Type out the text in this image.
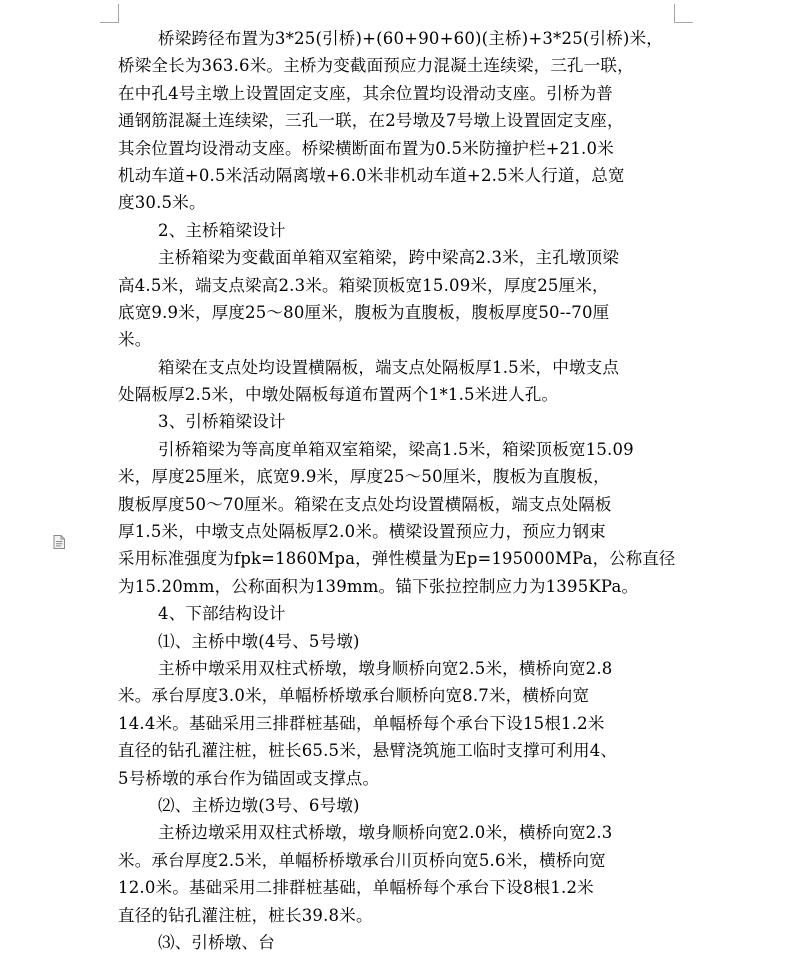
桥梁跨径布置为3*25(引桥)+(60+90+60)(主桥)+3*25(引桥)米，
桥梁全长为363.6米。主桥为变截面预应力混凝土连续梁，三孔一联，
在中孔4号主墩上设置固定支座，其余位置均设滑动支座。引桥为普
通钢筋混凝土连续梁，三孔一联，在2号墩及7号墩上设置固定支座，
其余位置均设滑动支座。桥梁横断面布置为0.5米防撞护栏+21.0米
机动车道+0.5米活动隔离墩+6.0米非机动车道+2.5米人行道，总宽
度30.5米。
2、主桥箱梁设计
主桥箱梁为变截面单箱双室箱梁，跨中梁高2.3米，主孔墩顶梁
高4.5米，端支点梁高2.3米。箱梁顶板宽15.09米，厚度25厘米，
底宽9.9米，厚度25～80厘米，腹板为直腹板，腹板厚度50--70厘
米。
箱梁在支点处均设置横隔板，端支点处隔板厚1.5米，中墩支点
处隔板厚2.5米，中墩处隔板每道布置两个1*1.5米进人孔。
3、引桥箱梁设计
引桥箱梁为等高度单箱双室箱梁，梁高1.5米，箱梁顶板宽15.09
米，厚度25厘米，底宽9.9米，厚度25～50厘米，腹板为直腹板，
腹板厚度50～70厘米。箱梁在支点处均设置横隔板，端支点处隔板
厚1.5米，中墩支点处隔板厚2.0米。横梁设置预应力，预应力钢束
采用标准强度为fpk=1860Mpa，弹性模量为Ep=195000MPa，公称直径
为15.20mm，公称面积为139mm。锚下张拉控制应力为1395KPa。
4、下部结构设计
⑴、主桥中墩(4号、5号墩)
主桥中墩采用双柱式桥墩，墩身顺桥向宽2.5米，横桥向宽2.8
米。承台厚度3.0米，单幅桥桥墩承台顺桥向宽8.7米，横桥向宽
14.4米。基础采用三排群桩基础，单幅桥每个承台下设15根1.2米
直径的钻孔灌注桩，桩长65.5米，悬臂浇筑施工临时支撑可利用4、
5号桥墩的承台作为锚固或支撑点。
⑵、主桥边墩(3号、6号墩)
主桥边墩采用双柱式桥墩，墩身顺桥向宽2.0米，横桥向宽2.3
米。承台厚度2.5米，单幅桥桥墩承台川页桥向宽5.6米，横桥向宽
12.0米。基础采用二排群桩基础，单幅桥每个承台下设8根1.2米
直径的钻孔灌注桩，桩长39.8米。
⑶、引桥墩、台
